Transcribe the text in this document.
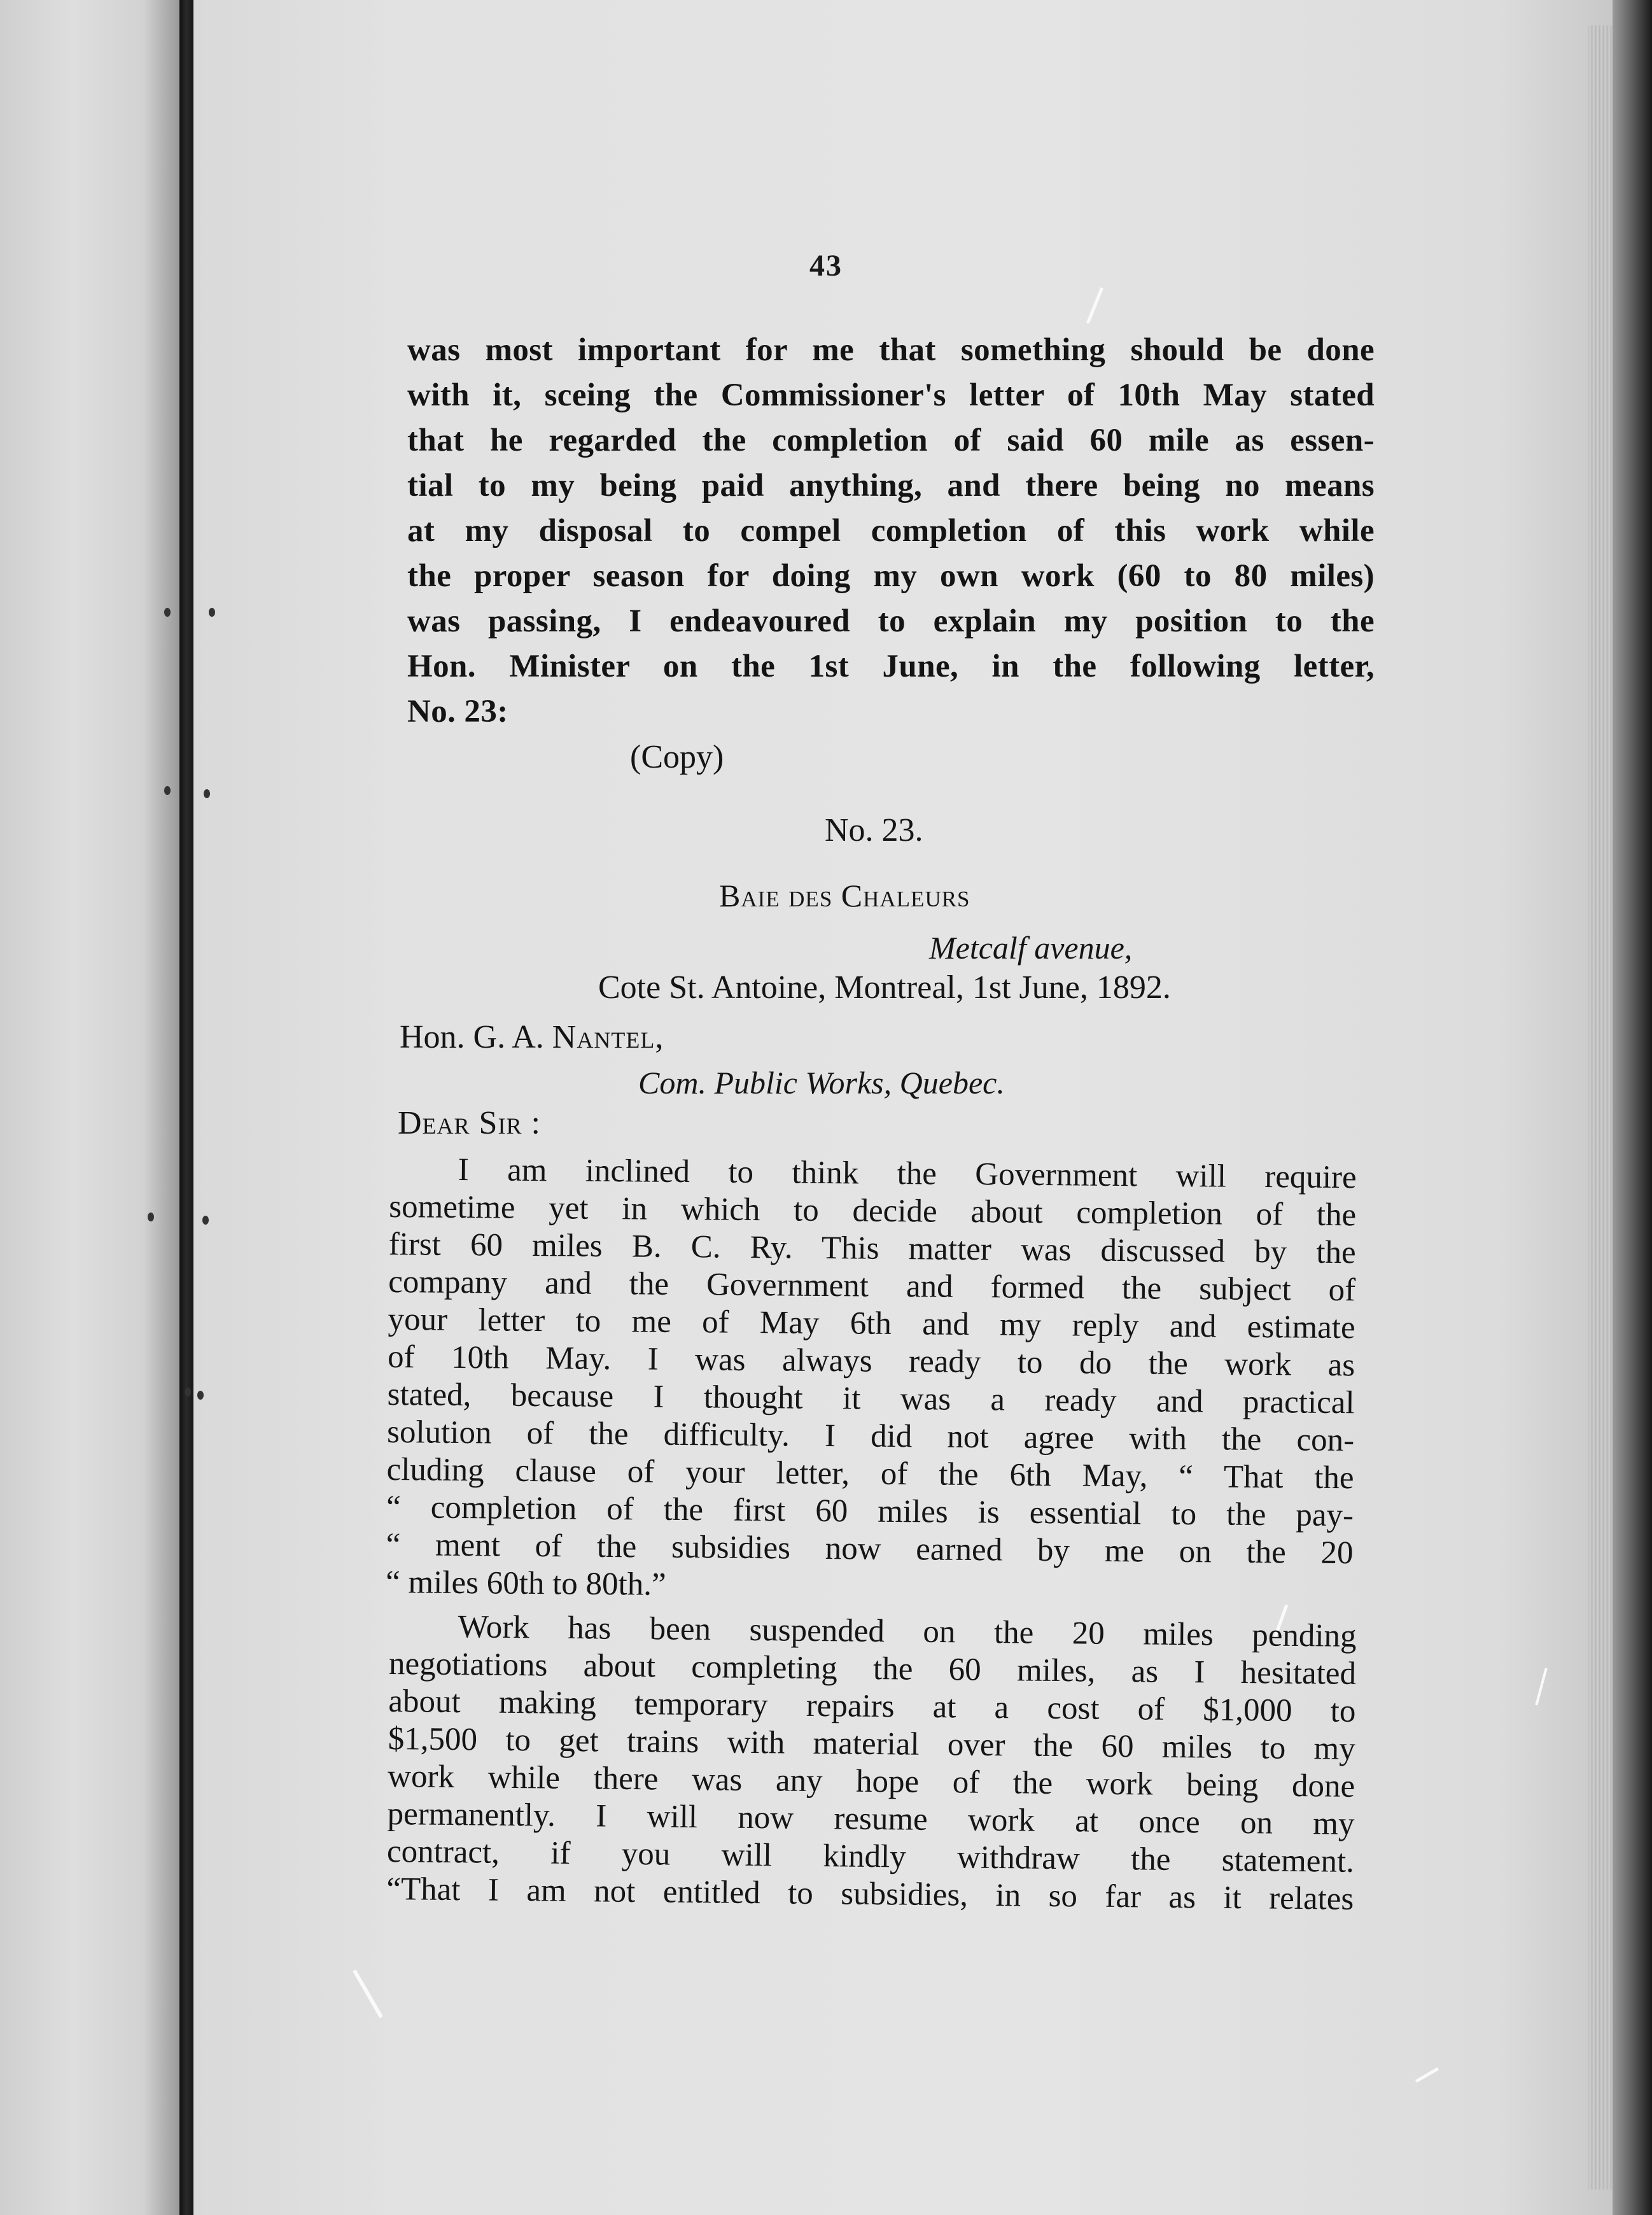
43
was most important for me that something should be done
with it, sceing the Commissioner's letter of 10th May stated
that he regarded the completion of said 60 mile as essen-
tial to my being paid anything, and there being no means
at my disposal to compel completion of this work while
the proper season for doing my own work (60 to 80 miles)
was passing, I endeavoured to explain my position to the
Hon. Minister on the 1st June, in the following letter,
No. 23:
(Copy)
No. 23.
Baie des Chaleurs
Metcalf avenue,
Cote St. Antoine, Montreal, 1st June, 1892.
Hon. G. A. Nantel,
Com. Public Works, Quebec.
Dear Sir :
I am inclined to think the Government will require
sometime yet in which to decide about completion of the
first 60 miles B. C. Ry. This matter was discussed by the
company and the Government and formed the subject of
your letter to me of May 6th and my reply and estimate
of 10th May. I was always ready to do the work as
stated, because I thought it was a ready and practical
solution of the difficulty. I did not agree with the con-
cluding clause of your letter, of the 6th May, “ That the
“ completion of the first 60 miles is essential to the pay-
“ ment of the subsidies now earned by me on the 20
“ miles 60th to 80th.”
Work has been suspended on the 20 miles pending
negotiations about completing the 60 miles, as I hesitated
about making temporary repairs at a cost of $1,000 to
$1,500 to get trains with material over the 60 miles to my
work while there was any hope of the work being done
permanently. I will now resume work at once on my
contract, if you will kindly withdraw the statement.
“That I am not entitled to subsidies, in so far as it relates
